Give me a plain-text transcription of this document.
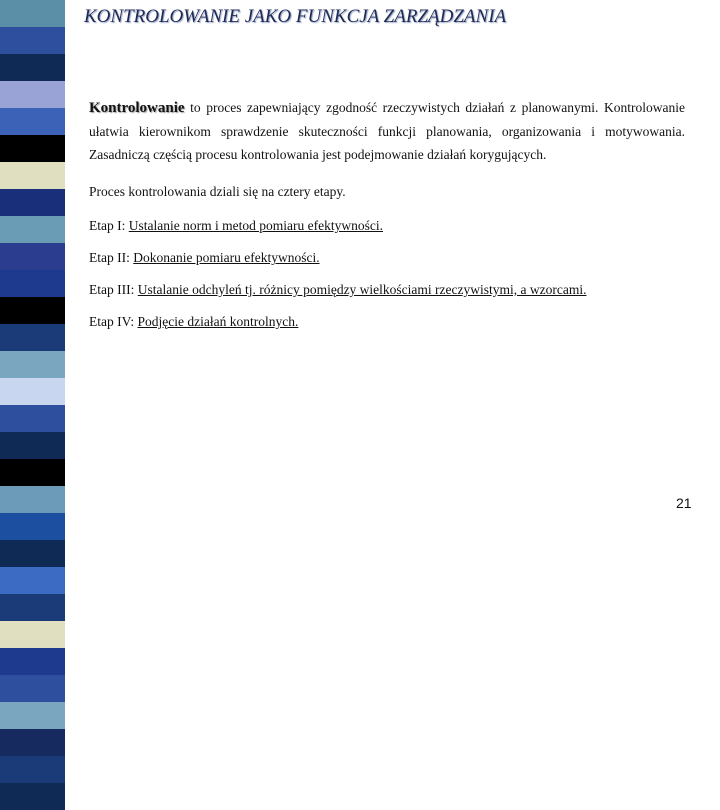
KONTROLOWANIE JAKO FUNKCJA ZARZĄDZANIA

Kontrolowanie to proces zapewniający zgodność rzeczywistych działań z planowanymi. Kontrolowanie ułatwia kierownikom sprawdzenie skuteczności funkcji planowania, organizowania i motywowania. Zasadniczą częścią procesu kontrolowania jest podejmowanie działań korygujących.

Proces kontrolowania dziali się na cztery etapy.

Etap I: Ustalanie norm i metod pomiaru efektywności.
Etap II: Dokonanie pomiaru efektywności.
Etap III: Ustalanie odchyleń tj. różnicy pomiędzy wielkościami rzeczywistymi, a wzorcami.
Etap IV: Podjęcie działań kontrolnych.
21
